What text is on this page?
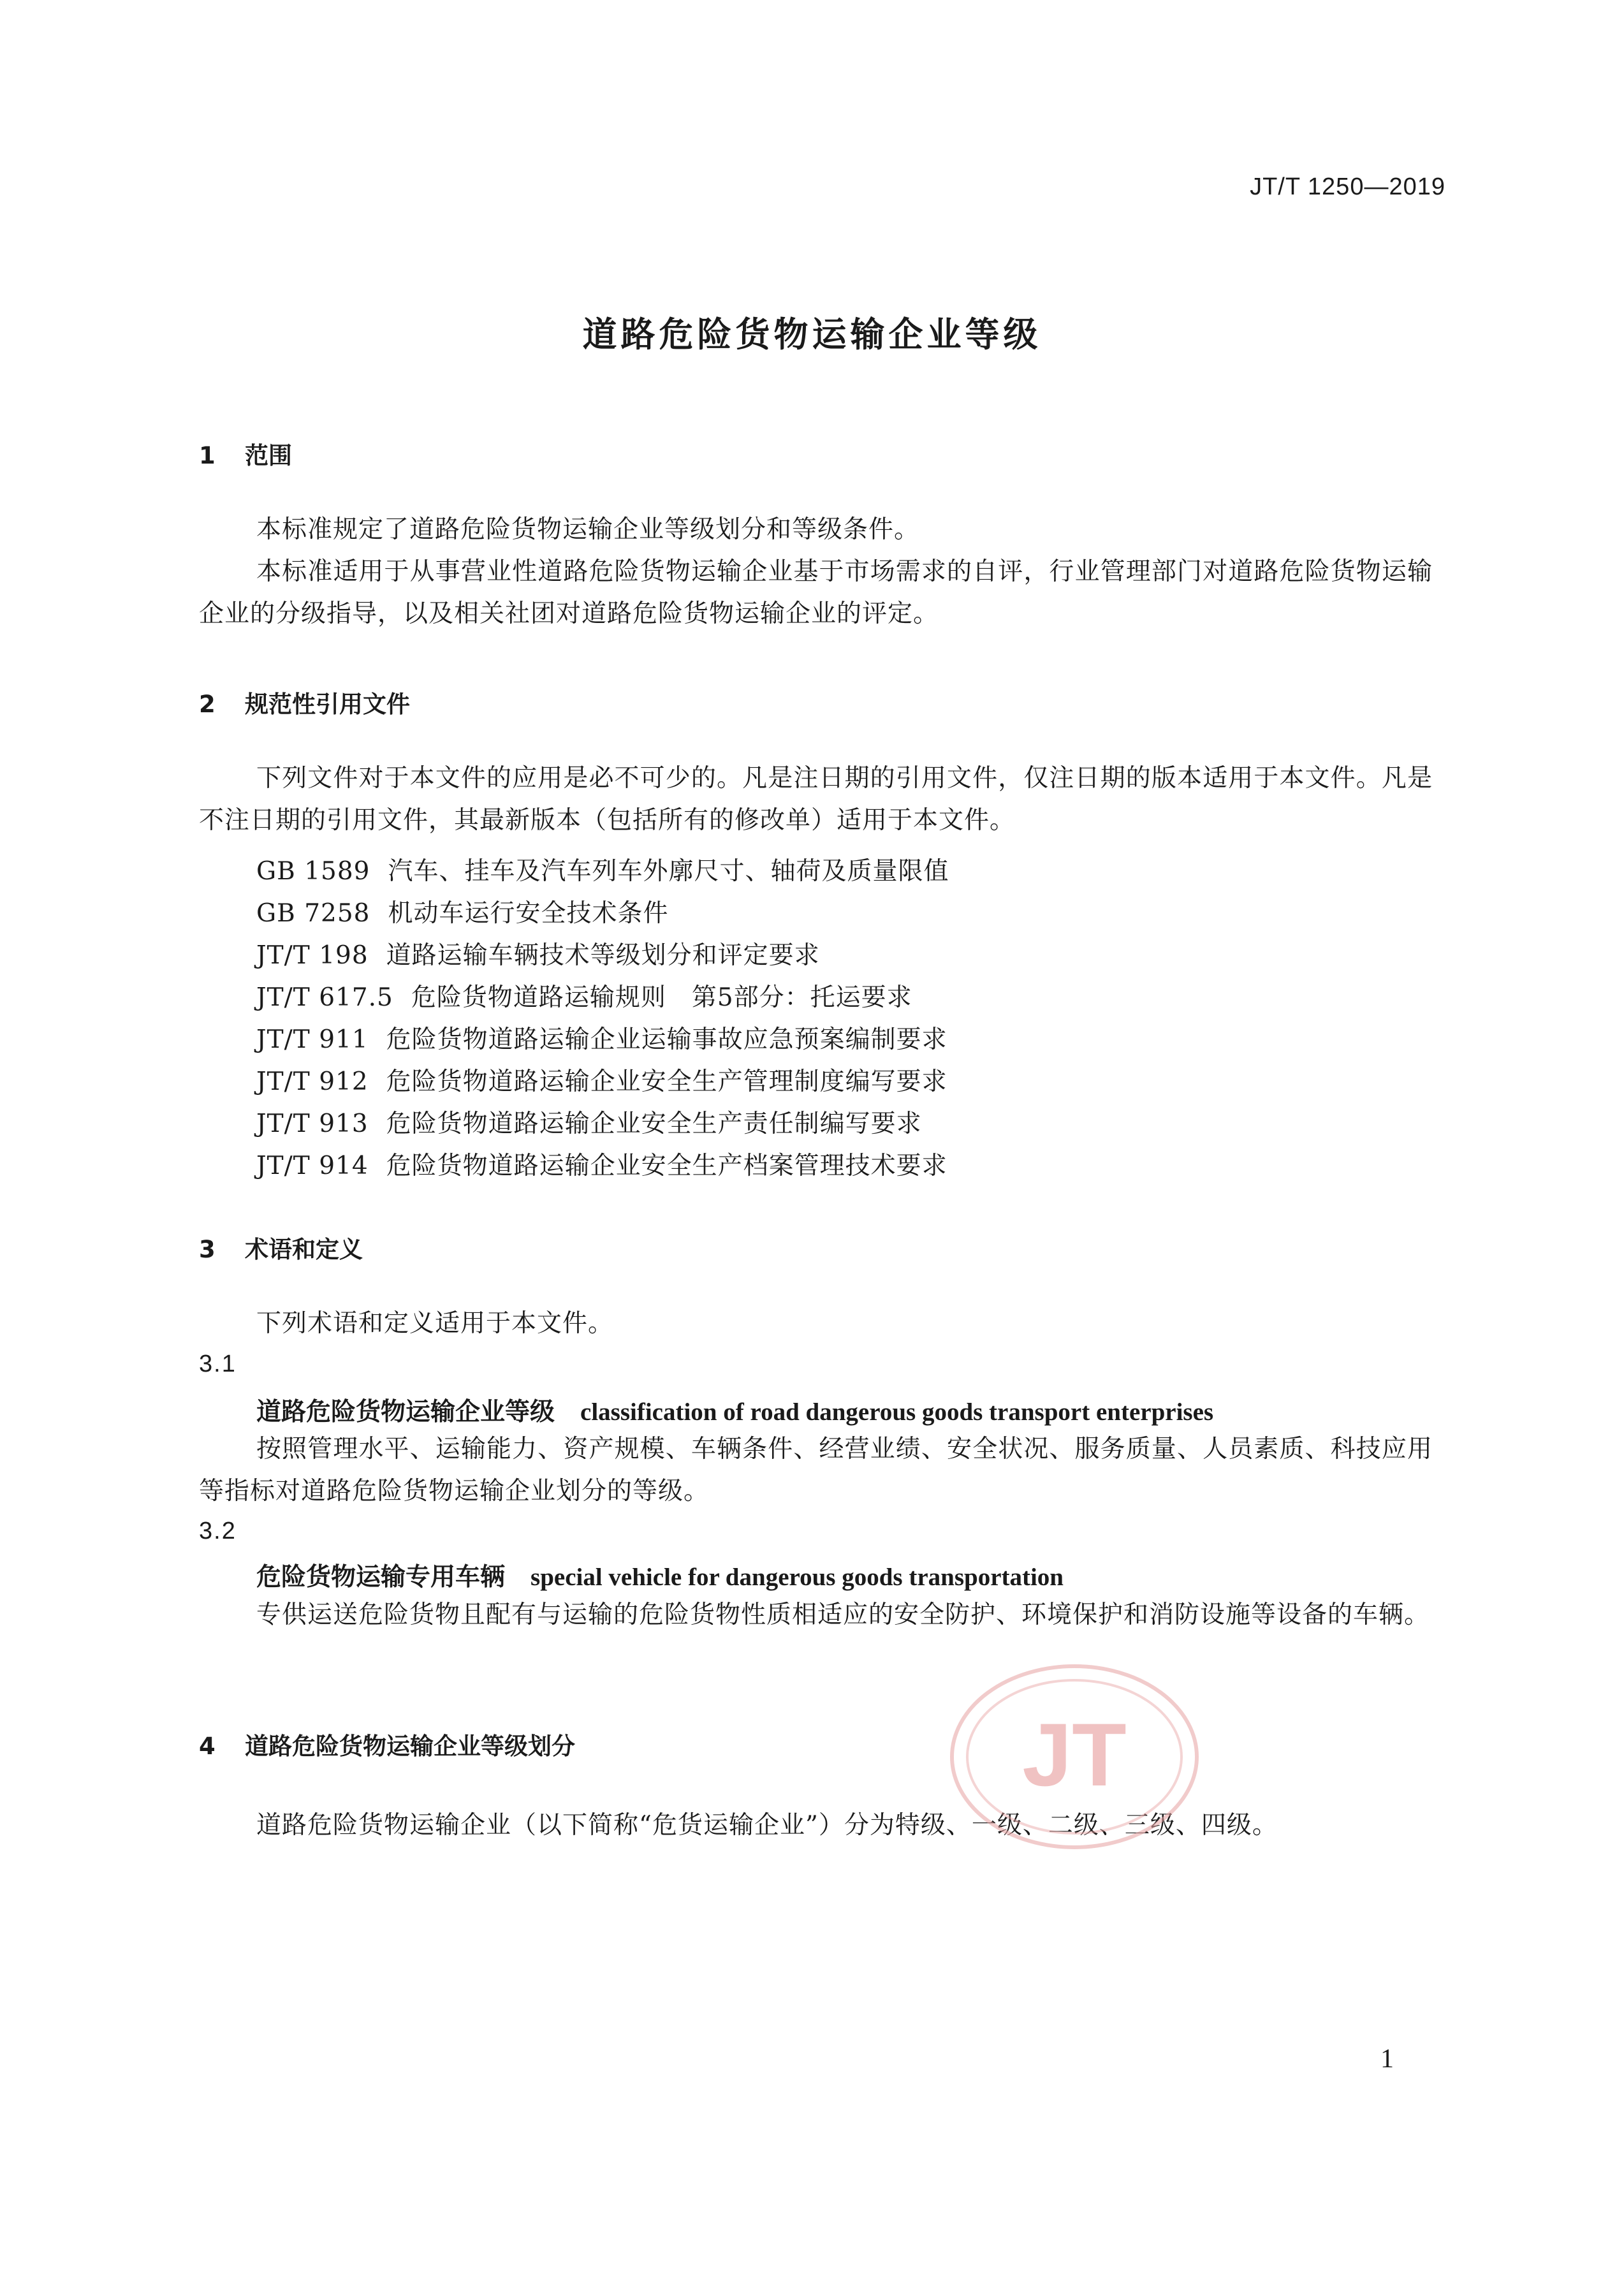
JT/T 1250—2019
道路危险货物运输企业等级
1 范围
本标准规定了道路危险货物运输企业等级划分和等级条件。
本标准适用于从事营业性道路危险货物运输企业基于市场需求的自评，行业管理部门对道路危险货物运输企业的分级指导，以及相关社团对道路危险货物运输企业的评定。
2 规范性引用文件
下列文件对于本文件的应用是必不可少的。凡是注日期的引用文件，仅注日期的版本适用于本文件。凡是不注日期的引用文件，其最新版本（包括所有的修改单）适用于本文件。
GB 1589 汽车、挂车及汽车列车外廓尺寸、轴荷及质量限值
GB 7258 机动车运行安全技术条件
JT/T 198 道路运输车辆技术等级划分和评定要求
JT/T 617.5 危险货物道路运输规则　第5部分：托运要求
JT/T 911 危险货物道路运输企业运输事故应急预案编制要求
JT/T 912 危险货物道路运输企业安全生产管理制度编写要求
JT/T 913 危险货物道路运输企业安全生产责任制编写要求
JT/T 914 危险货物道路运输企业安全生产档案管理技术要求
3 术语和定义
下列术语和定义适用于本文件。
3.1
道路危险货物运输企业等级 classification of road dangerous goods transport enterprises
按照管理水平、运输能力、资产规模、车辆条件、经营业绩、安全状况、服务质量、人员素质、科技应用等指标对道路危险货物运输企业划分的等级。
3.2
危险货物运输专用车辆 special vehicle for dangerous goods transportation
专供运送危险货物且配有与运输的危险货物性质相适应的安全防护、环境保护和消防设施等设备的车辆。
4 道路危险货物运输企业等级划分
道路危险货物运输企业（以下简称“危货运输企业”）分为特级、一级、二级、三级、四级。
JT
1
